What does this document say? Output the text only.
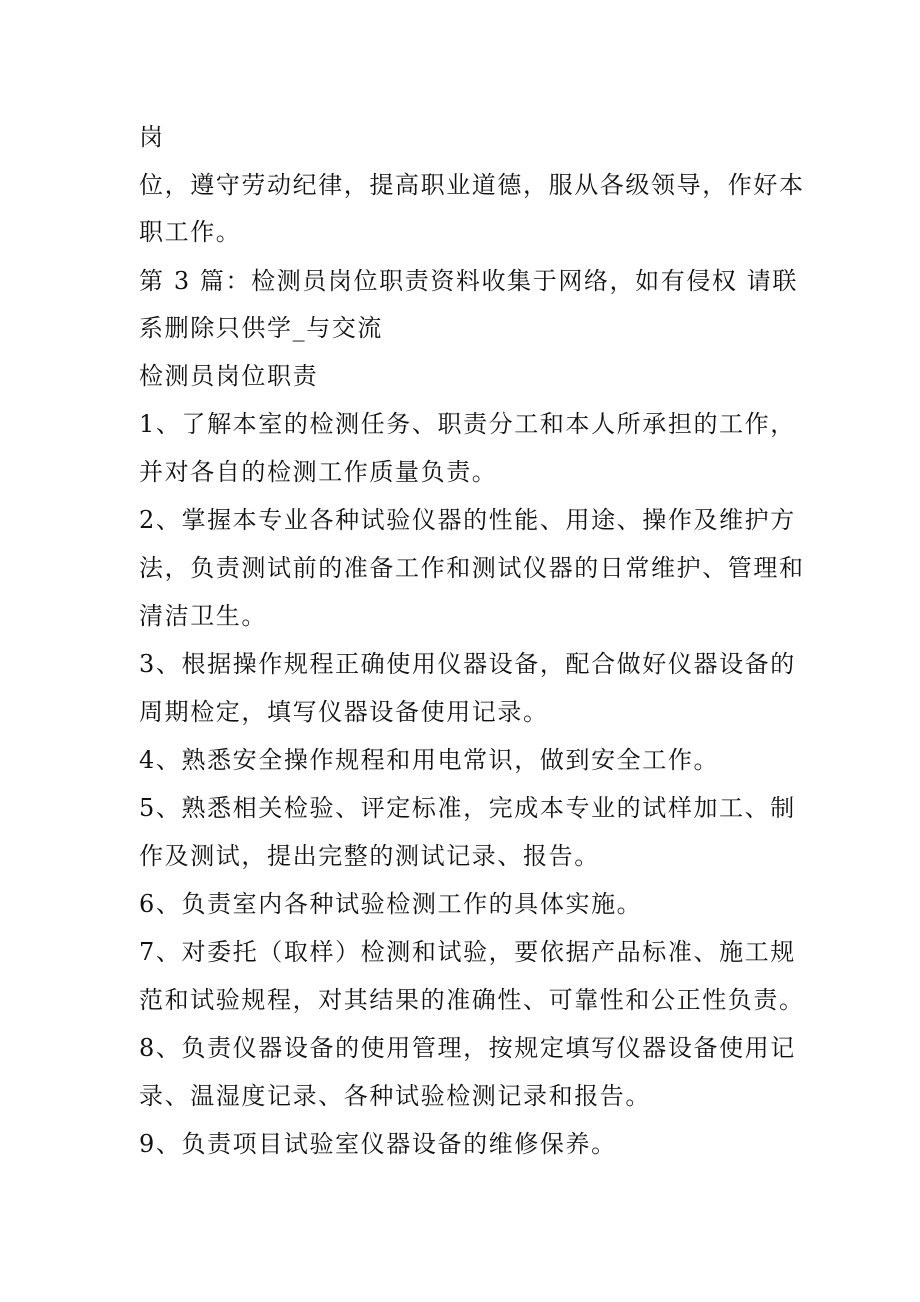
岗

位，遵守劳动纪律，提高职业道德，服从各级领导，作好本

职工作。

第 3 篇：检测员岗位职责资料收集于网络，如有侵权 请联

系删除只供学_与交流

检测员岗位职责

1、了解本室的检测任务、职责分工和本人所承担的工作，

并对各自的检测工作质量负责。

2、掌握本专业各种试验仪器的性能、用途、操作及维护方

法，负责测试前的准备工作和测试仪器的日常维护、管理和

清洁卫生。

3、根据操作规程正确使用仪器设备，配合做好仪器设备的

周期检定，填写仪器设备使用记录。

4、熟悉安全操作规程和用电常识，做到安全工作。

5、熟悉相关检验、评定标准，完成本专业的试样加工、制

作及测试，提出完整的测试记录、报告。

6、负责室内各种试验检测工作的具体实施。

7、对委托（取样）检测和试验，要依据产品标准、施工规

范和试验规程，对其结果的准确性、可靠性和公正性负责。

8、负责仪器设备的使用管理，按规定填写仪器设备使用记

录、温湿度记录、各种试验检测记录和报告。

9、负责项目试验室仪器设备的维修保养。
